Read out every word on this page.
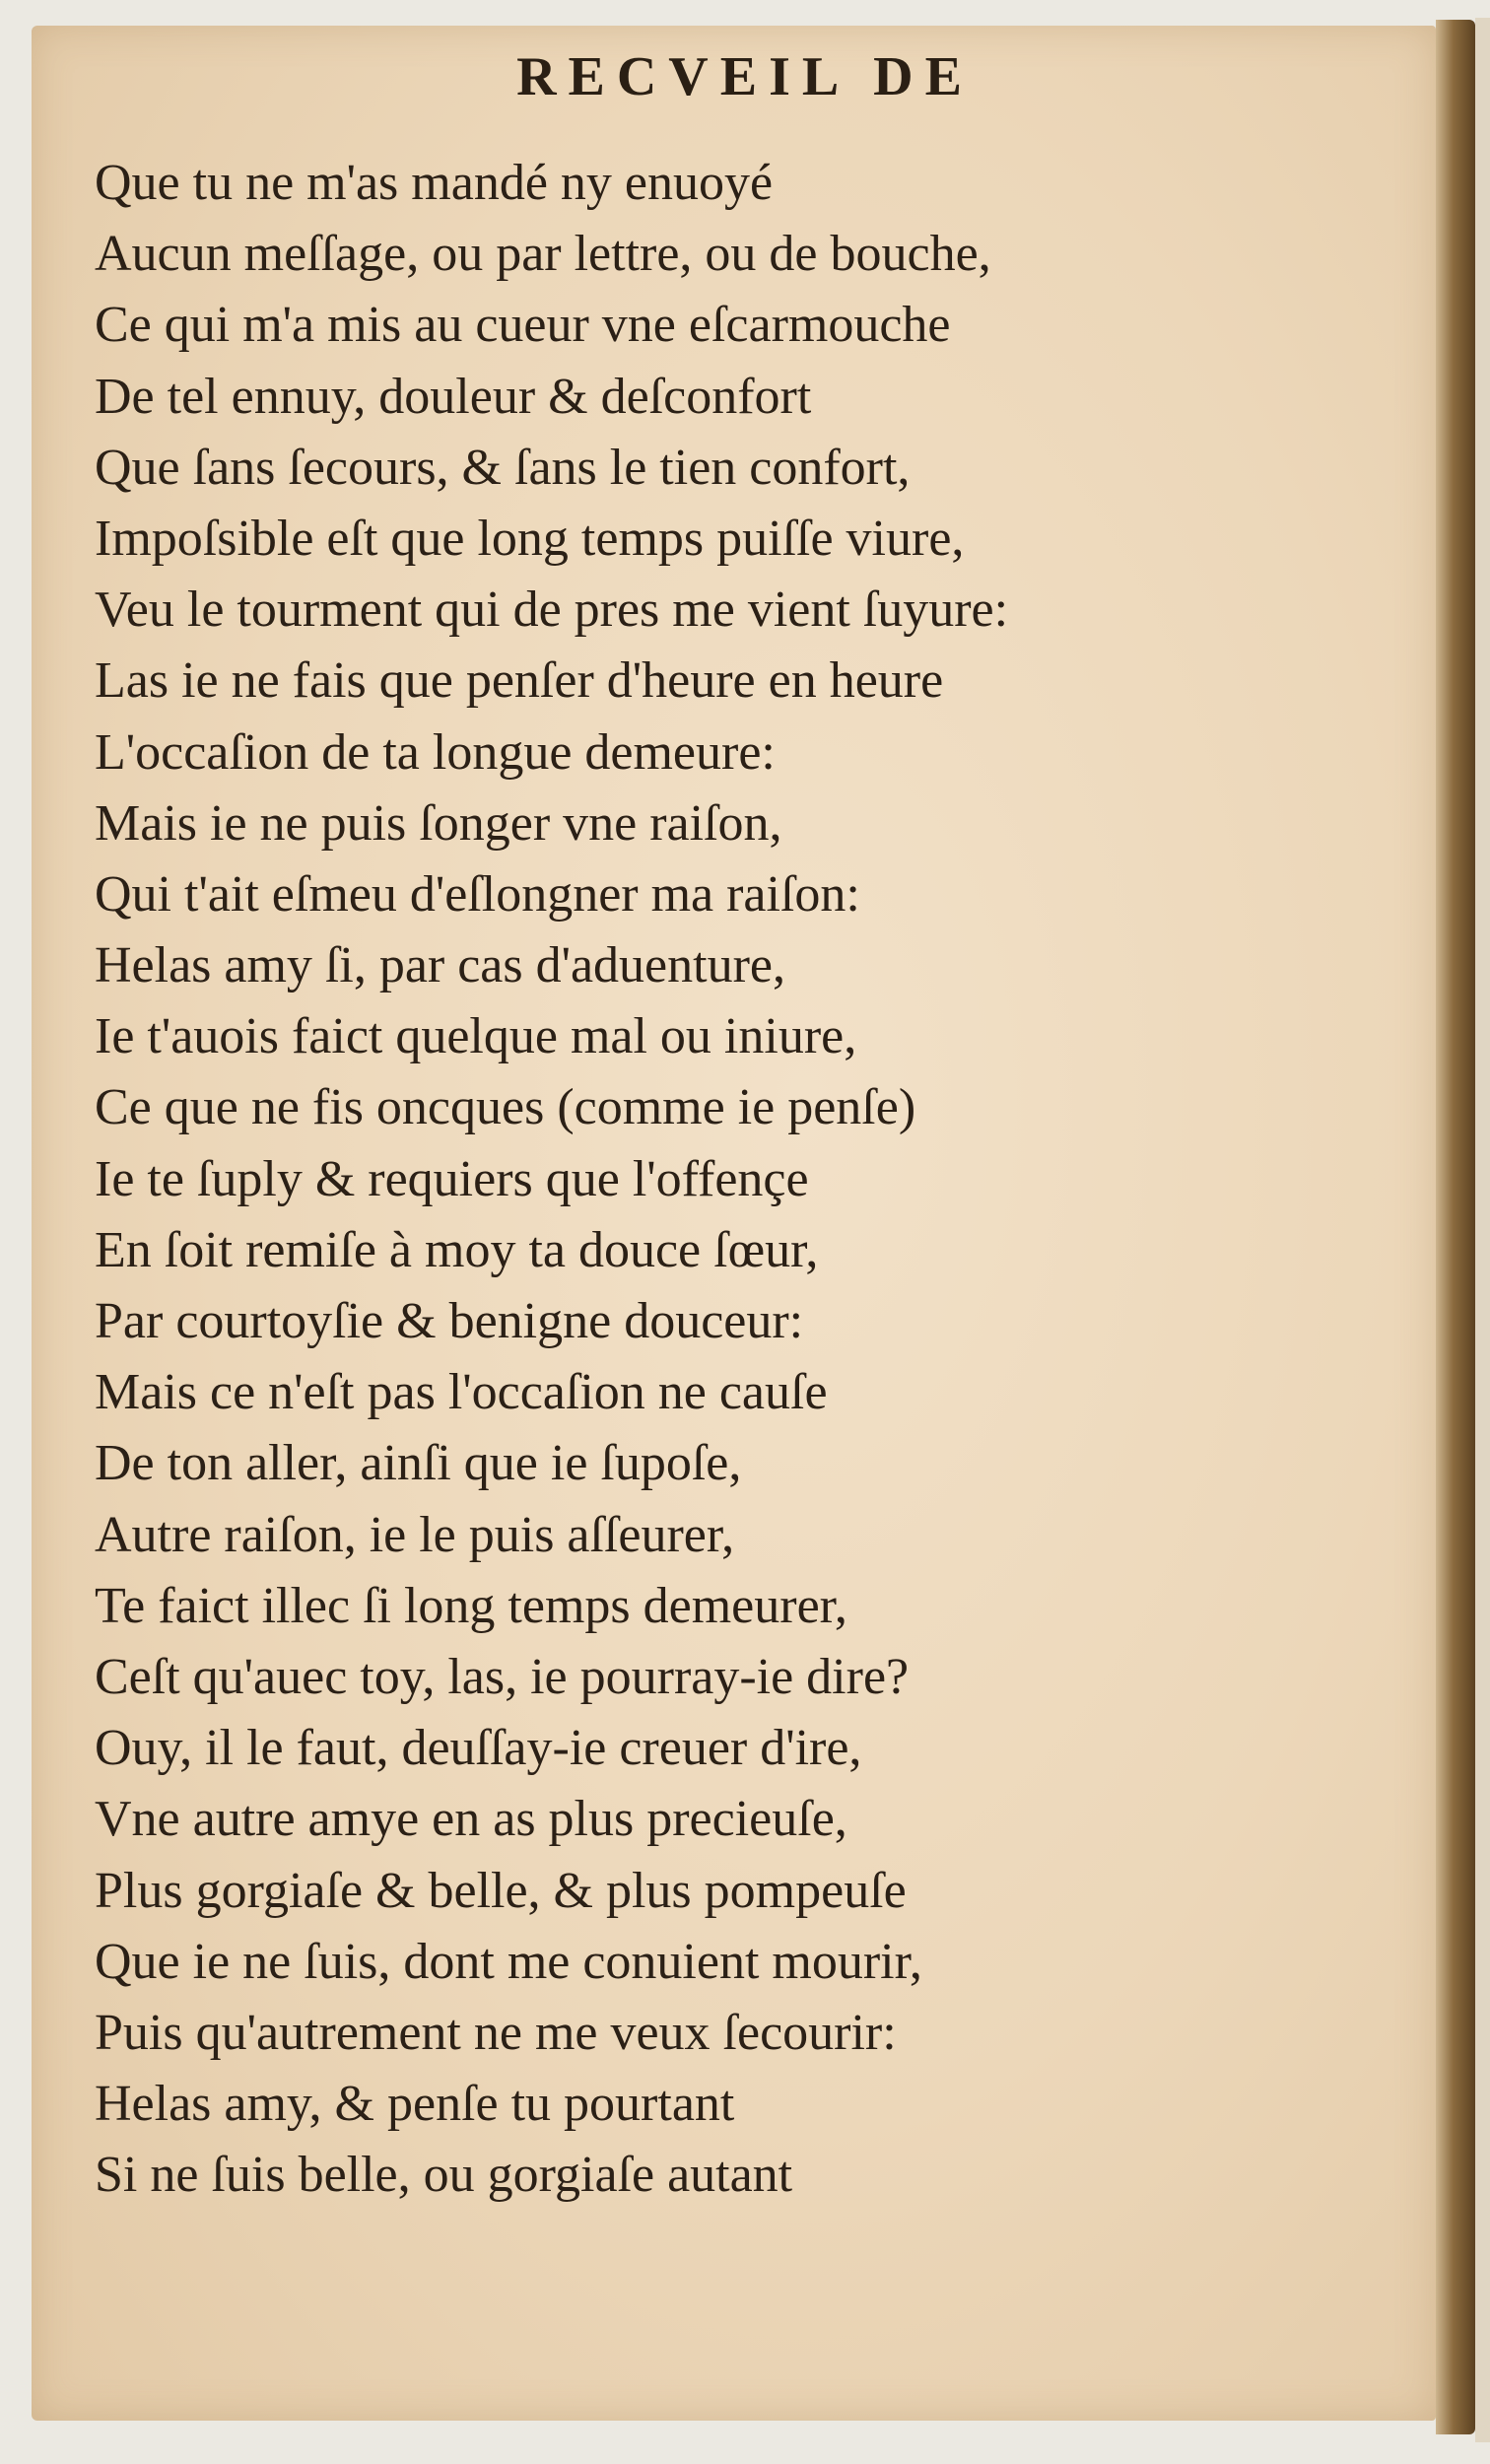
RECVEIL DE
Que tu ne m'as mandé ny enuoyé
Aucun meſſage, ou par lettre, ou de bouche,
Ce qui m'a mis au cueur vne eſcarmouche
De tel ennuy, douleur & deſconfort
Que ſans ſecours, & ſans le tien confort,
Impoſsible eſt que long temps puiſſe viure,
Veu le tourment qui de pres me vient ſuyure:
Las ie ne fais que penſer d'heure en heure
L'occaſion de ta longue demeure:
Mais ie ne puis ſonger vne raiſon,
Qui t'ait eſmeu d'eſlongner ma raiſon:
Helas amy ſi, par cas d'aduenture,
Ie t'auois faict quelque mal ou iniure,
Ce que ne fis oncques (comme ie penſe)
Ie te ſuply & requiers que l'offençe
En ſoit remiſe à moy ta douce ſœur,
Par courtoyſie & benigne douceur:
Mais ce n'eſt pas l'occaſion ne cauſe
De ton aller, ainſi que ie ſupoſe,
Autre raiſon, ie le puis aſſeurer,
Te faict illec ſi long temps demeurer,
Ceſt qu'auec toy, las, ie pourray-ie dire?
Ouy, il le faut, deuſſay-ie creuer d'ire,
Vne autre amye en as plus precieuſe,
Plus gorgiaſe & belle, & plus pompeuſe
Que ie ne ſuis, dont me conuient mourir,
Puis qu'autrement ne me veux ſecourir:
Helas amy, & penſe tu pourtant
Si ne ſuis belle, ou gorgiaſe autant
